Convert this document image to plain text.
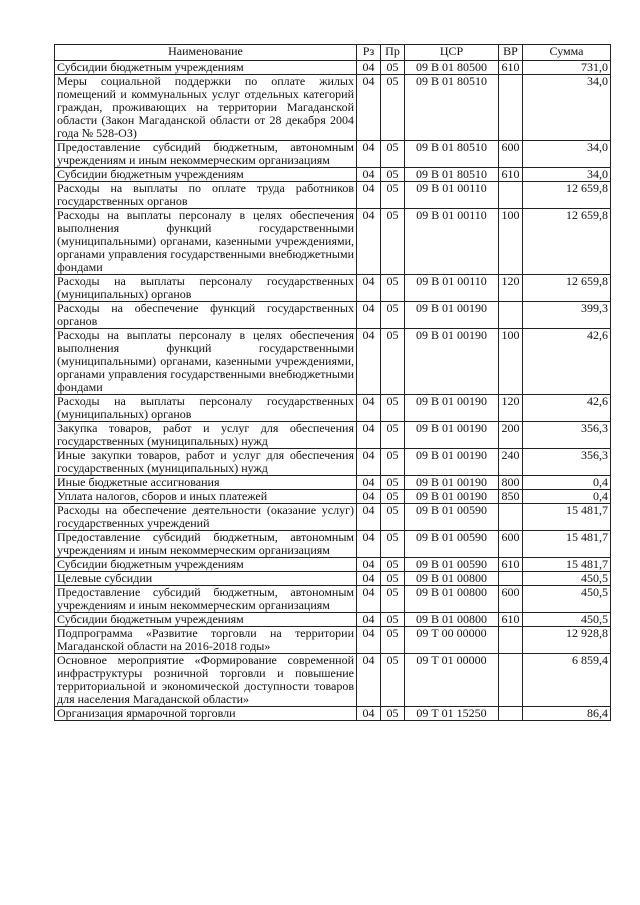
Наименование	Рз	Пр	ЦСР	ВР	Сумма
Субсидии бюджетным учреждениям	04	05	09 В 01 80500	610	731,0
Меры социальной поддержки по оплате жилых помещений и коммунальных услуг отдельных категорий граждан, проживающих на территории Магаданской области (Закон Магаданской области от 28 декабря 2004 года № 528-ОЗ)	04	05	09 В 01 80510		34,0
Предоставление субсидий бюджетным, автономным учреждениям и иным некоммерческим организациям	04	05	09 В 01 80510	600	34,0
Субсидии бюджетным учреждениям	04	05	09 В 01 80510	610	34,0
Расходы на выплаты по оплате труда работников государственных органов	04	05	09 В 01 00110		12 659,8
Расходы на выплаты персоналу в целях обеспечения выполнения функций государственными (муниципальными) органами, казенными учреждениями, органами управления государственными внебюджетными фондами	04	05	09 В 01 00110	100	12 659,8
Расходы на выплаты персоналу государственных (муниципальных) органов	04	05	09 В 01 00110	120	12 659,8
Расходы на обеспечение функций государственных органов	04	05	09 В 01 00190		399,3
Расходы на выплаты персоналу в целях обеспечения выполнения функций государственными (муниципальными) органами, казенными учреждениями, органами управления государственными внебюджетными фондами	04	05	09 В 01 00190	100	42,6
Расходы на выплаты персоналу государственных (муниципальных) органов	04	05	09 В 01 00190	120	42,6
Закупка товаров, работ и услуг для обеспечения государственных (муниципальных) нужд	04	05	09 В 01 00190	200	356,3
Иные закупки товаров, работ и услуг для обеспечения государственных (муниципальных) нужд	04	05	09 В 01 00190	240	356,3
Иные бюджетные ассигнования	04	05	09 В 01 00190	800	0,4
Уплата налогов, сборов и иных платежей	04	05	09 В 01 00190	850	0,4
Расходы на обеспечение деятельности (оказание услуг) государственных учреждений	04	05	09 В 01 00590		15 481,7
Предоставление субсидий бюджетным, автономным учреждениям и иным некоммерческим организациям	04	05	09 В 01 00590	600	15 481,7
Субсидии бюджетным учреждениям	04	05	09 В 01 00590	610	15 481,7
Целевые субсидии	04	05	09 В 01 00800		450,5
Предоставление субсидий бюджетным, автономным учреждениям и иным некоммерческим организациям	04	05	09 В 01 00800	600	450,5
Субсидии бюджетным учреждениям	04	05	09 В 01 00800	610	450,5
Подпрограмма «Развитие торговли на территории Магаданской области на 2016-2018 годы»	04	05	09 Т 00 00000		12 928,8
Основное мероприятие «Формирование современной инфраструктуры розничной торговли и повышение территориальной и экономической доступности товаров для населения Магаданской области»	04	05	09 Т 01 00000		6 859,4
Организация ярмарочной торговли	04	05	09 Т 01 15250		86,4
